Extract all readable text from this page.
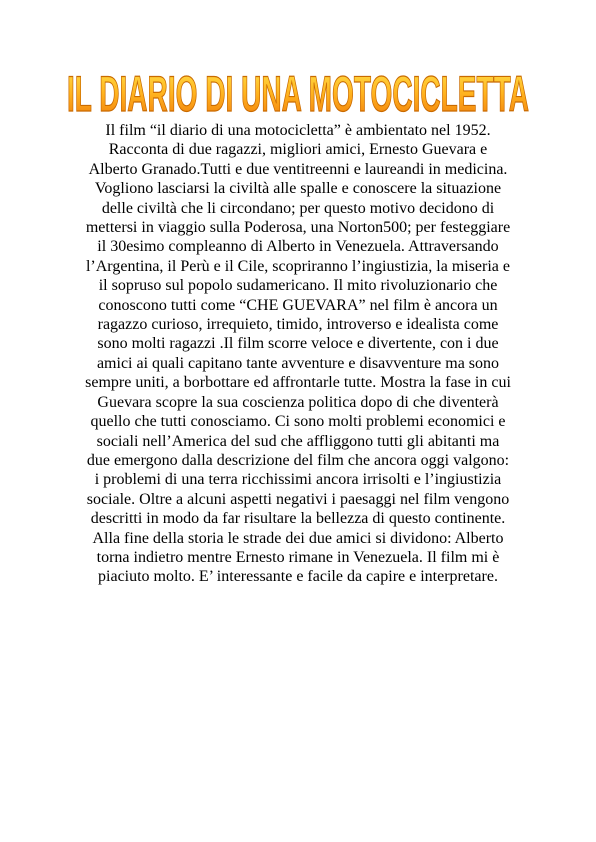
IL DIARIO DI UNA MOTOCICLETTA
Il film “il diario di una motocicletta” è ambientato nel 1952.
Racconta di due ragazzi, migliori amici, Ernesto Guevara e
Alberto Granado.Tutti e due ventitreenni e laureandi in medicina.
Vogliono lasciarsi la civiltà alle spalle e conoscere la situazione
delle civiltà che li circondano; per questo motivo decidono di
mettersi in viaggio sulla Poderosa, una Norton500; per festeggiare
il 30esimo compleanno di Alberto in Venezuela. Attraversando
l’Argentina, il Perù e il Cile, scopriranno l’ingiustizia, la miseria e
il sopruso sul popolo sudamericano. Il mito rivoluzionario che
conoscono tutti come “CHE GUEVARA” nel film è ancora un
ragazzo curioso, irrequieto, timido, introverso e idealista come
sono molti ragazzi .Il film scorre veloce e divertente, con i due
amici ai quali capitano tante avventure e disavventure ma sono
sempre uniti, a borbottare ed affrontarle tutte. Mostra la fase in cui
Guevara scopre la sua coscienza politica dopo di che diventerà
quello che tutti conosciamo. Ci sono molti problemi economici e
sociali nell’America del sud che affliggono tutti gli abitanti ma
due emergono dalla descrizione del film che ancora oggi valgono:
i problemi di una terra ricchissimi ancora irrisolti e l’ingiustizia
sociale. Oltre a alcuni aspetti negativi i paesaggi nel film vengono
descritti in modo da far risultare la bellezza di questo continente.
Alla fine della storia le strade dei due amici si dividono: Alberto
torna indietro mentre Ernesto rimane in Venezuela. Il film mi è
piaciuto molto. E’ interessante e facile da capire e interpretare.
